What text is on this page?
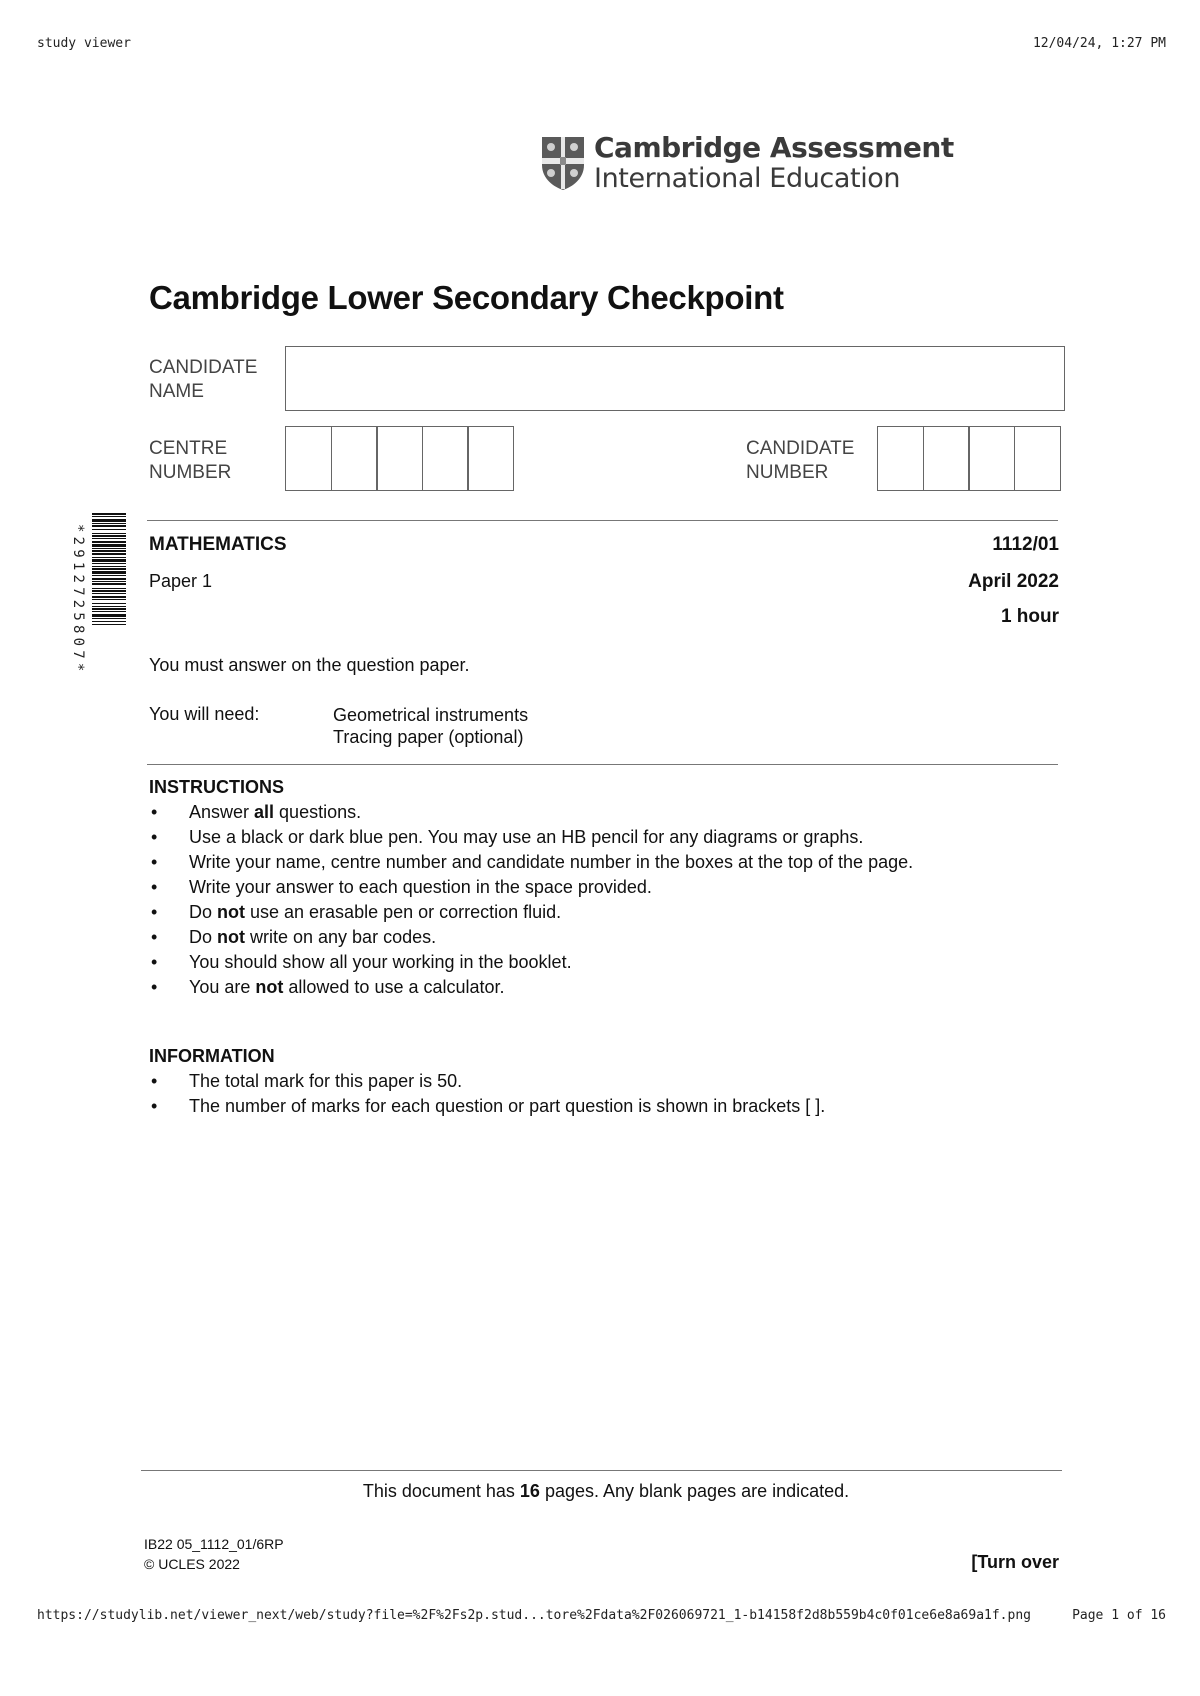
study viewer	12/04/24, 1:27 PM
Cambridge Assessment
International Education
Cambridge Lower Secondary Checkpoint
CANDIDATE
NAME
CENTRE
NUMBER
CANDIDATE
NUMBER
*2912725807*	MATHEMATICS	1112/01
Paper 1	April 2022
1 hour
You must answer on the question paper.
You will need:	Geometrical instruments
Tracing paper (optional)
INSTRUCTIONS
• Answer all questions.
• Use a black or dark blue pen. You may use an HB pencil for any diagrams or graphs.
• Write your name, centre number and candidate number in the boxes at the top of the page.
• Write your answer to each question in the space provided.
• Do not use an erasable pen or correction fluid.
• Do not write on any bar codes.
• You should show all your working in the booklet.
• You are not allowed to use a calculator.
INFORMATION
• The total mark for this paper is 50.
• The number of marks for each question or part question is shown in brackets [ ].
This document has 16 pages. Any blank pages are indicated.
IB22 05_1112_01/6RP
© UCLES 2022	[Turn over
https://studylib.net/viewer_next/web/study?file=%2F%2Fs2p.stud...tore%2Fdata%2F026069721_1-b14158f2d8b559b4c0f01ce6e8a69a1f.png	Page 1 of 16
